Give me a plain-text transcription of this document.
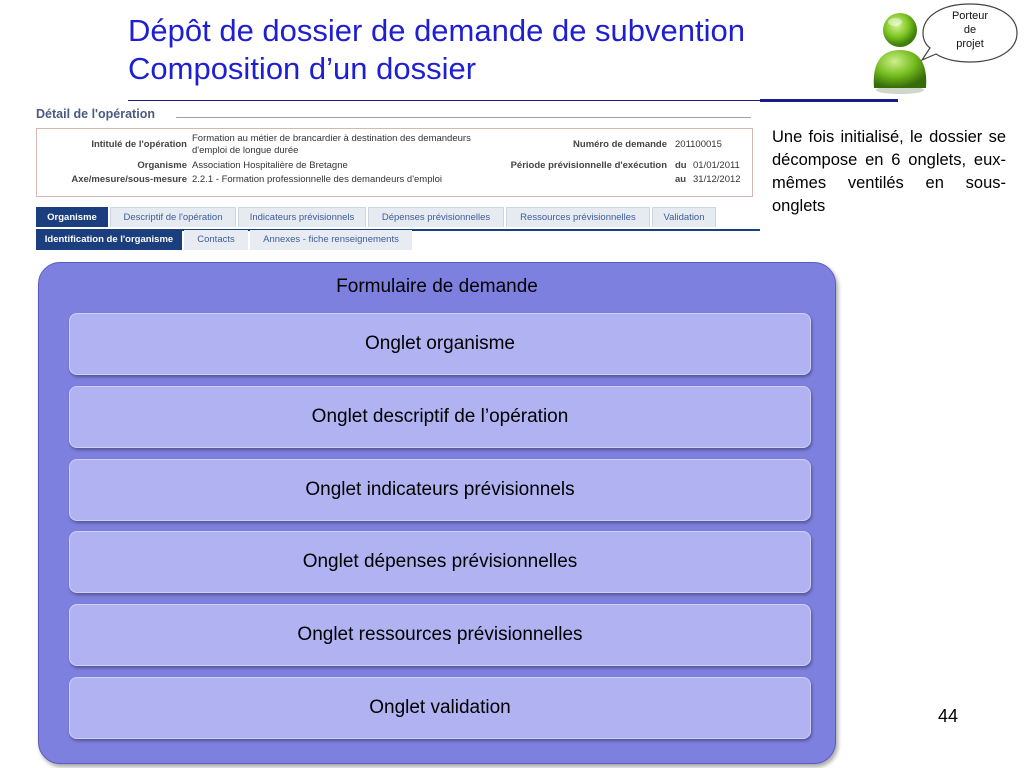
Dépôt de dossier de demande de subvention
Composition d’un dossier
Porteur
de
projet
Détail de l'opération
Intitulé de l'opération
Formation au métier de brancardier à destination des demandeurs
d'emploi de longue durée
Organisme Association Hospitalière de Bretagne
Axe/mesure/sous-mesure 2.2.1 - Formation professionnelle des demandeurs d'emploi
Numéro de demande 201100015
Période prévisionnelle d'exécution du 01/01/2011
au 31/12/2012
Organisme	Descriptif de l'opération	Indicateurs prévisionnels	Dépenses prévisionnelles	Ressources prévisionnelles	Validation
Identification de l'organisme	Contacts	Annexes - fiche renseignements
Une fois initialisé, le dossier se décompose en 6 onglets, eux-mêmes ventilés en sous-onglets
Formulaire de demande
Onglet organisme
Onglet descriptif de l’opération
Onglet indicateurs prévisionnels
Onglet dépenses prévisionnelles
Onglet ressources prévisionnelles
Onglet validation	44
